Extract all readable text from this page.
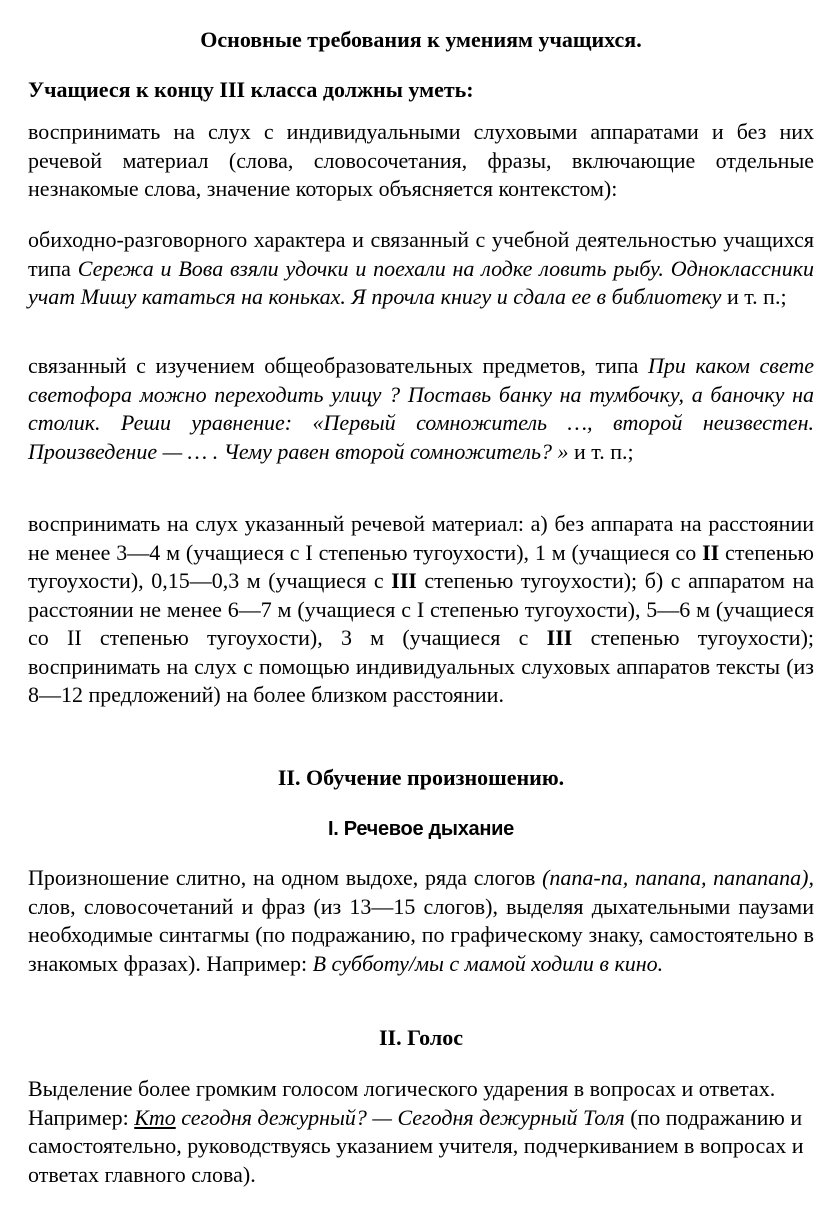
Основные требования к умениям учащихся.
Учащиеся к концу III класса должны уметь:
воспринимать на слух с индивидуальными слуховыми аппаратами и без них речевой материал (слова, словосочетания, фразы, включающие отдельные незнакомые слова, значение которых объясняется контекстом):
обиходно-разговорного характера и связанный с учебной деятельностью учащихся типа Сережа и Вова взяли удочки и поехали на лодке ловить рыбу. Одноклассники учат Мишу кататься на коньках. Я прочла книгу и сдала ее в библиотеку и т. п.;
связанный с изучением общеобразовательных предметов, типа При каком свете светофора можно переходить улицу ? Поставь банку на тумбочку, а баночку на столик. Реши уравнение: «Первый сомножитель …, второй неизвестен. Произведение — … . Чему равен второй сомножитель? » и т. п.;
воспринимать на слух указанный речевой материал: а) без аппарата на расстоянии не менее 3—4 м (учащиеся с I степенью тугоухости), 1 м (учащиеся со II степенью тугоухости), 0,15—0,3 м (учащиеся с III степенью тугоухости); б) с аппаратом на расстоянии не менее 6—7 м (учащиеся с I степенью тугоухости), 5—6 м (учащиеся со II степенью тугоухости), 3 м (учащиеся с III степенью тугоухости); воспринимать на слух с помощью индивидуальных слуховых аппаратов тексты (из 8—12 предложений) на более близком расстоянии.
II. Обучение произношению.
I. Речевое дыхание
Произношение слитно, на одном выдохе, ряда слогов (папа-па, папапа, папапапа), слов, словосочетаний и фраз (из 13—15 слогов), выделяя дыхательными паузами необходимые синтагмы (по подражанию, по графическому знаку, самостоятельно в знакомых фразах). Например: В субботу/мы с мамой ходили в кино.
II. Голос
Выделение более громким голосом логического ударения в вопросах и ответах. Например: Кто сегодня дежурный? — Сегодня дежурный Толя (по подражанию и самостоятельно, руководствуясь указанием учителя, подчеркиванием в вопросах и ответах главного слова).
